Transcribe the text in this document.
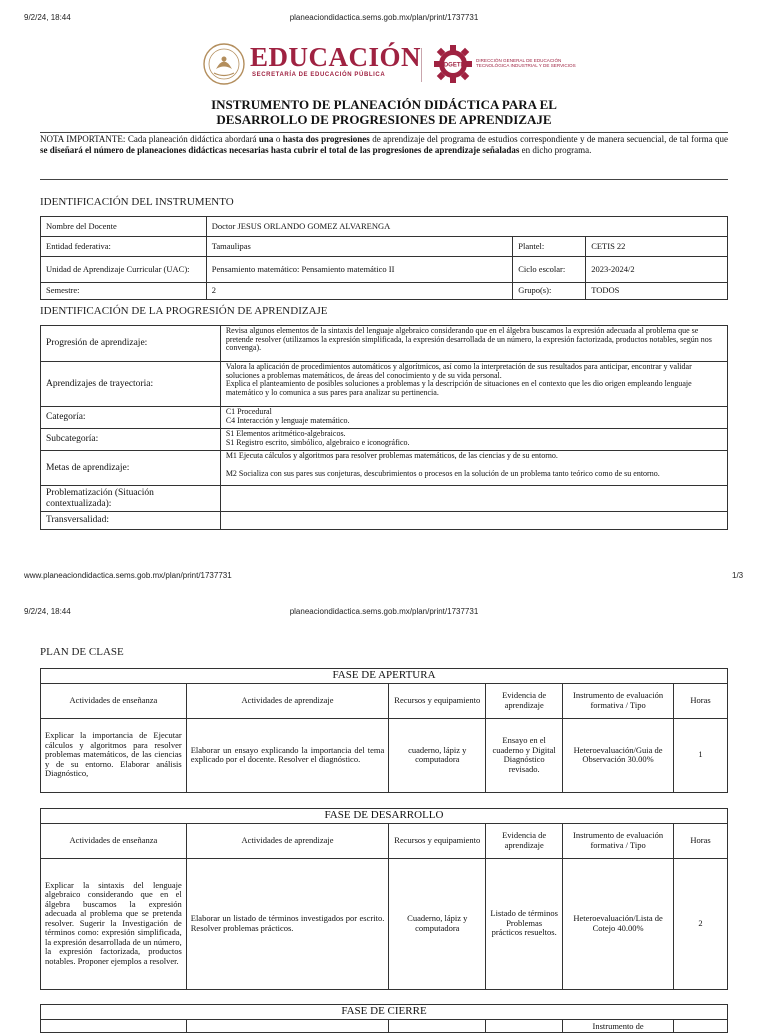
9/2/24, 18:44	planeaciondidactica.sems.gob.mx/plan/print/1737731
EDUCACIÓN
SECRETARÍA DE EDUCACIÓN PÚBLICA
DGETI
DIRECCIÓN GENERAL DE EDUCACIÓN
TECNOLÓGICA INDUSTRIAL Y DE SERVICIOS
INSTRUMENTO DE PLANEACIÓN DIDÁCTICA PARA EL
DESARROLLO DE PROGRESIONES DE APRENDIZAJE
NOTA IMPORTANTE: Cada planeación didáctica abordará una o hasta dos progresiones de aprendizaje del programa de estudios correspondiente y de manera secuencial, de tal forma que se diseñará el número de planeaciones didácticas necesarias hasta cubrir el total de las progresiones de aprendizaje señaladas en dicho programa.
IDENTIFICACIÓN DEL INSTRUMENTO
Nombre del Docente	Doctor JESUS ORLANDO GOMEZ ALVARENGA		
Entidad federativa:	Tamaulipas	Plantel:	CETIS 22
Unidad de Aprendizaje Curricular (UAC):	Pensamiento matemático: Pensamiento matemático II	Ciclo escolar:	2023-2024/2
Semestre:	2	Grupo(s):	TODOS
IDENTIFICACIÓN DE LA PROGRESIÓN DE APRENDIZAJE
Progresión de aprendizaje:	Revisa algunos elementos de la sintaxis del lenguaje algebraico considerando que en el álgebra buscamos la expresión adecuada al problema que se pretende resolver (utilizamos la expresión simplificada, la expresión desarrollada de un número, la expresión factorizada, productos notables, según nos convenga).
Aprendizajes de trayectoria:	Valora la aplicación de procedimientos automáticos y algorítmicos, así como la interpretación de sus resultados para anticipar, encontrar y validar soluciones a problemas matemáticos, de áreas del conocimiento y de su vida personal.
Explica el planteamiento de posibles soluciones a problemas y la descripción de situaciones en el contexto que les dio origen empleando lenguaje matemático y lo comunica a sus pares para analizar su pertinencia.

Categoría:	C1 Procedural
C4 Interacción y lenguaje matemático.

Subcategoría:	S1 Elementos aritmético-algebraicos.
S1 Registro escrito, simbólico, algebraico e iconográfico.

Metas de aprendizaje:	M1 Ejecuta cálculos y algoritmos para resolver problemas matemáticos, de las ciencias y de su entorno.
M2 Socializa con sus pares sus conjeturas, descubrimientos o procesos en la solución de un problema tanto teórico como de su entorno.

Problematización (Situación contextualizada):	
Transversalidad:	
www.planeaciondidactica.sems.gob.mx/plan/print/1737731	1/3
9/2/24, 18:44	planeaciondidactica.sems.gob.mx/plan/print/1737731
PLAN DE CLASE
FASE DE APERTURA					
Actividades de enseñanza	Actividades de aprendizaje	Recursos y equipamiento	Evidencia de aprendizaje	Instrumento de evaluación formativa / Tipo	Horas
Explicar la importancia de Ejecutar cálculos y algoritmos para resolver problemas matemáticos, de las ciencias y de su entorno. Elaborar análisis Diagnóstico,	Elaborar un ensayo explicando la importancia del tema explicado por el docente. Resolver el diagnóstico.	cuaderno, lápiz y computadora	Ensayo en el cuaderno y Digital Diagnóstico revisado.	Heteroevaluación/Guia de Observación 30.00%	1
FASE DE DESARROLLO					
Actividades de enseñanza	Actividades de aprendizaje	Recursos y equipamiento	Evidencia de aprendizaje	Instrumento de evaluación formativa / Tipo	Horas
Explicar la sintaxis del lenguaje algebraico considerando que en el álgebra buscamos la expresión adecuada al problema que se pretenda resolver. Sugerir la Investigación de términos como: expresión simplificada, la expresión desarrollada de un número, la expresión factorizada, productos notables. Proponer ejemplos a resolver.	Elaborar un listado de términos investigados por escrito. Resolver problemas prácticos.	Cuaderno, lápiz y computadora	Listado de términos Problemas prácticos resueltos.	Heteroevaluación/Lista de Cotejo 40.00%	2
FASE DE CIERRE
				Instrumento de	
